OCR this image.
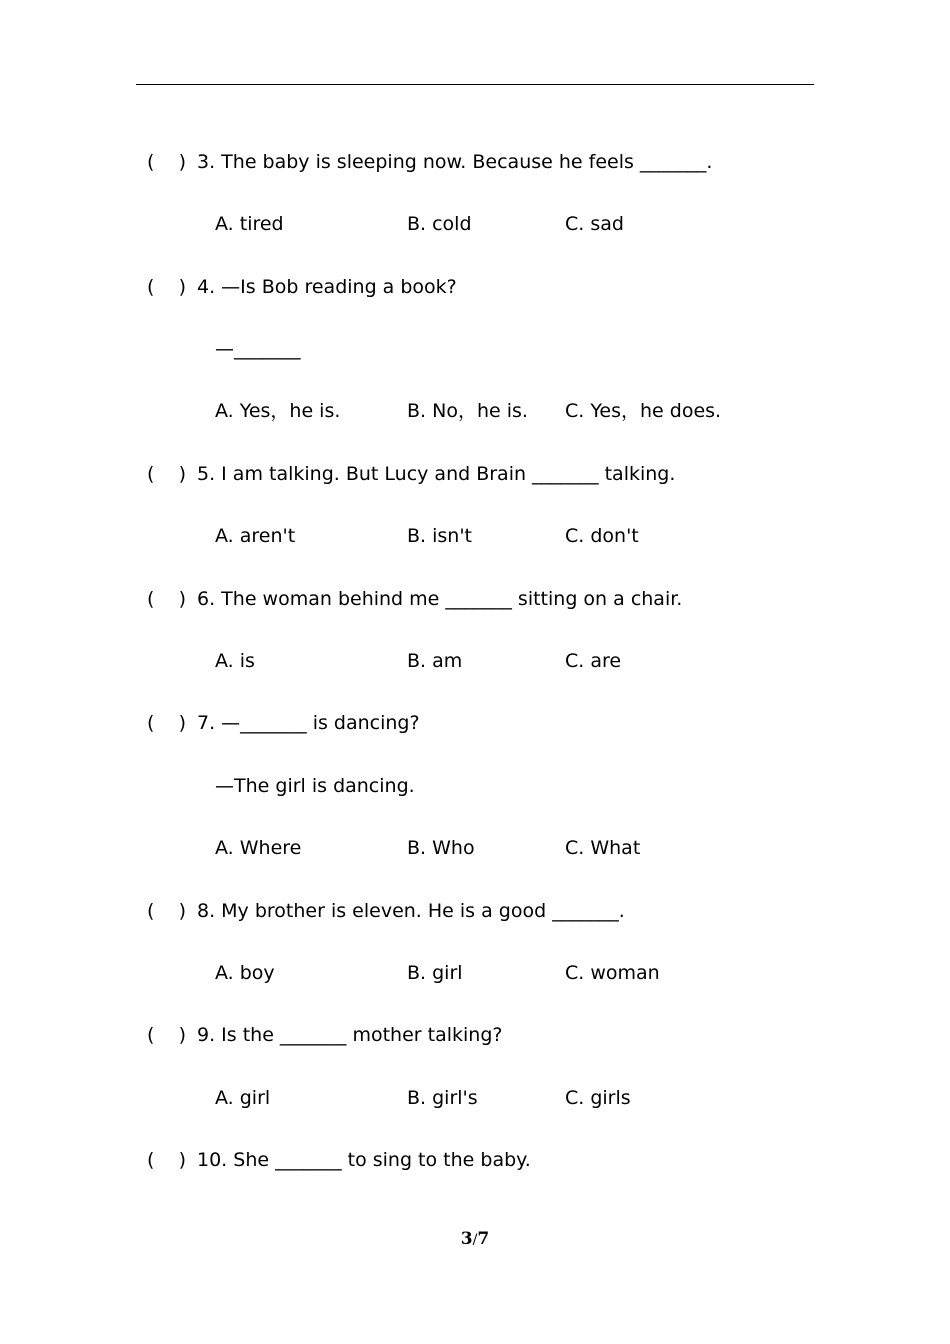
(    ) 3. The baby is sleeping now. Because he feels _______.
A. tired	B. cold	C. sad
(    ) 4. —Is Bob reading a book?
—_______
A. Yes，he is.	B. No，he is. C. Yes，he does.
(    ) 5. I am talking. But Lucy and Brain _______ talking.
A. aren't	B. isn't	C. don't
(    ) 6. The woman behind me _______ sitting on a chair.
A. is	B. am	C. are
(    ) 7. —_______ is dancing?
—The girl is dancing.
A. Where	B. Who	C. What
(    ) 8. My brother is eleven. He is a good _______.
A. boy	B. girl	C. woman
(    ) 9. Is the _______ mother talking?
A. girl	B. girl's	C. girls
(    ) 10. She _______ to sing to the baby.
3/7
